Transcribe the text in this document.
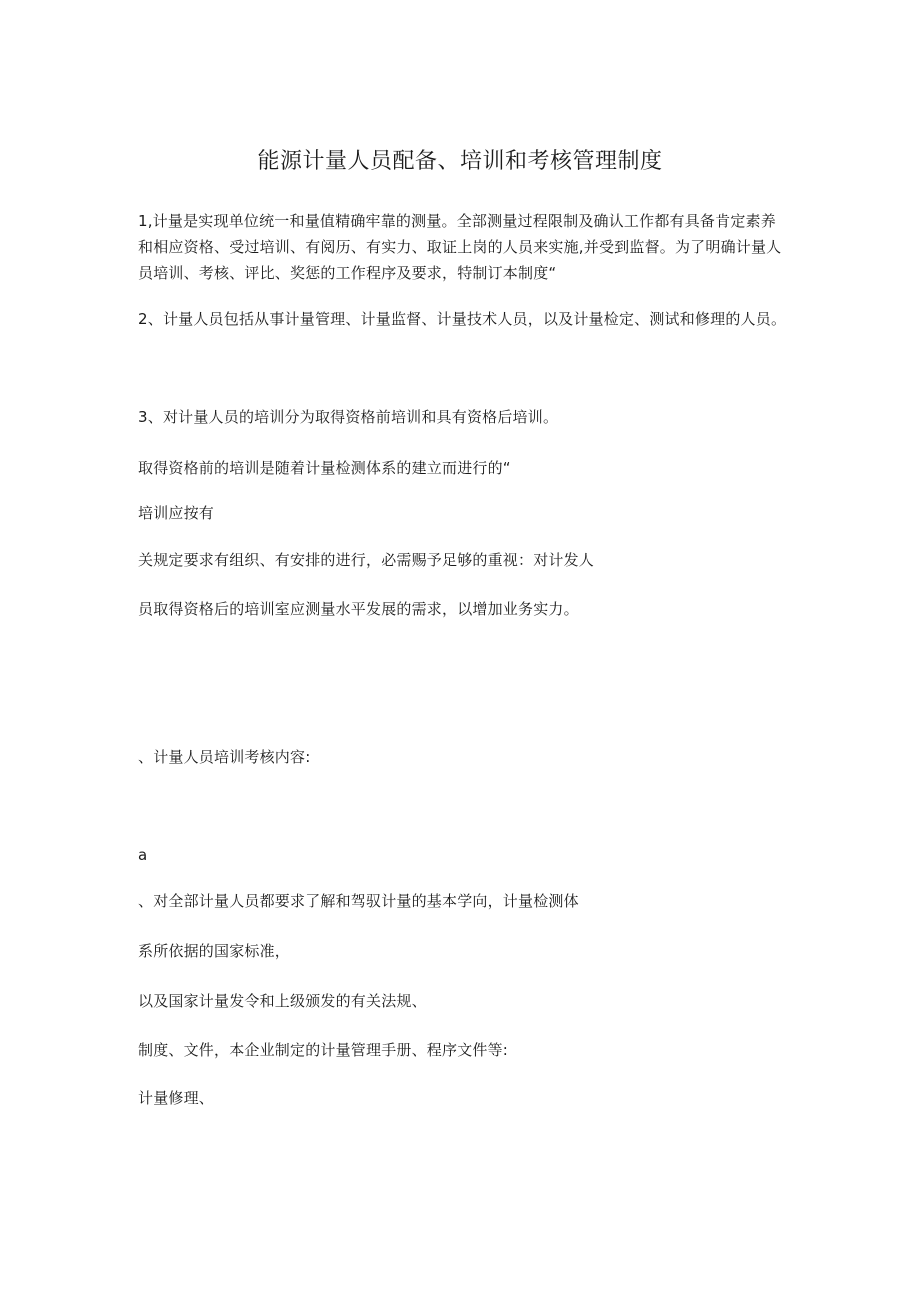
能源计量人员配备、培训和考核管理制度

1,计量是实现单位统一和量值精确牢靠的测量。全部测量过程限制及确认工作都有具备肯定素养和相应资格、受过培训、有阅历、有实力、取证上岗的人员来实施,并受到监督。为了明确计量人员培训、考核、评比、奖惩的工作程序及要求，特制订本制度“

2、计量人员包括从事计量管理、计量监督、计量技术人员，以及计量检定、测试和修理的人员。

3、对计量人员的培训分为取得资格前培训和具有资格后培训。

取得资格前的培训是随着计量检测体系的建立而进行的“

培训应按有

关规定要求有组织、有安排的进行，必需赐予足够的重视：对计发人

员取得资格后的培训室应测量水平发展的需求，以增加业务实力。

、计量人员培训考核内容:

a

、对全部计量人员都要求了解和驾驭计量的基本学向，计量检测体

系所依据的国家标准，

以及国家计量发令和上级颁发的有关法规、

制度、文件，本企业制定的计量管理手册、程序文件等:

计量修理、
